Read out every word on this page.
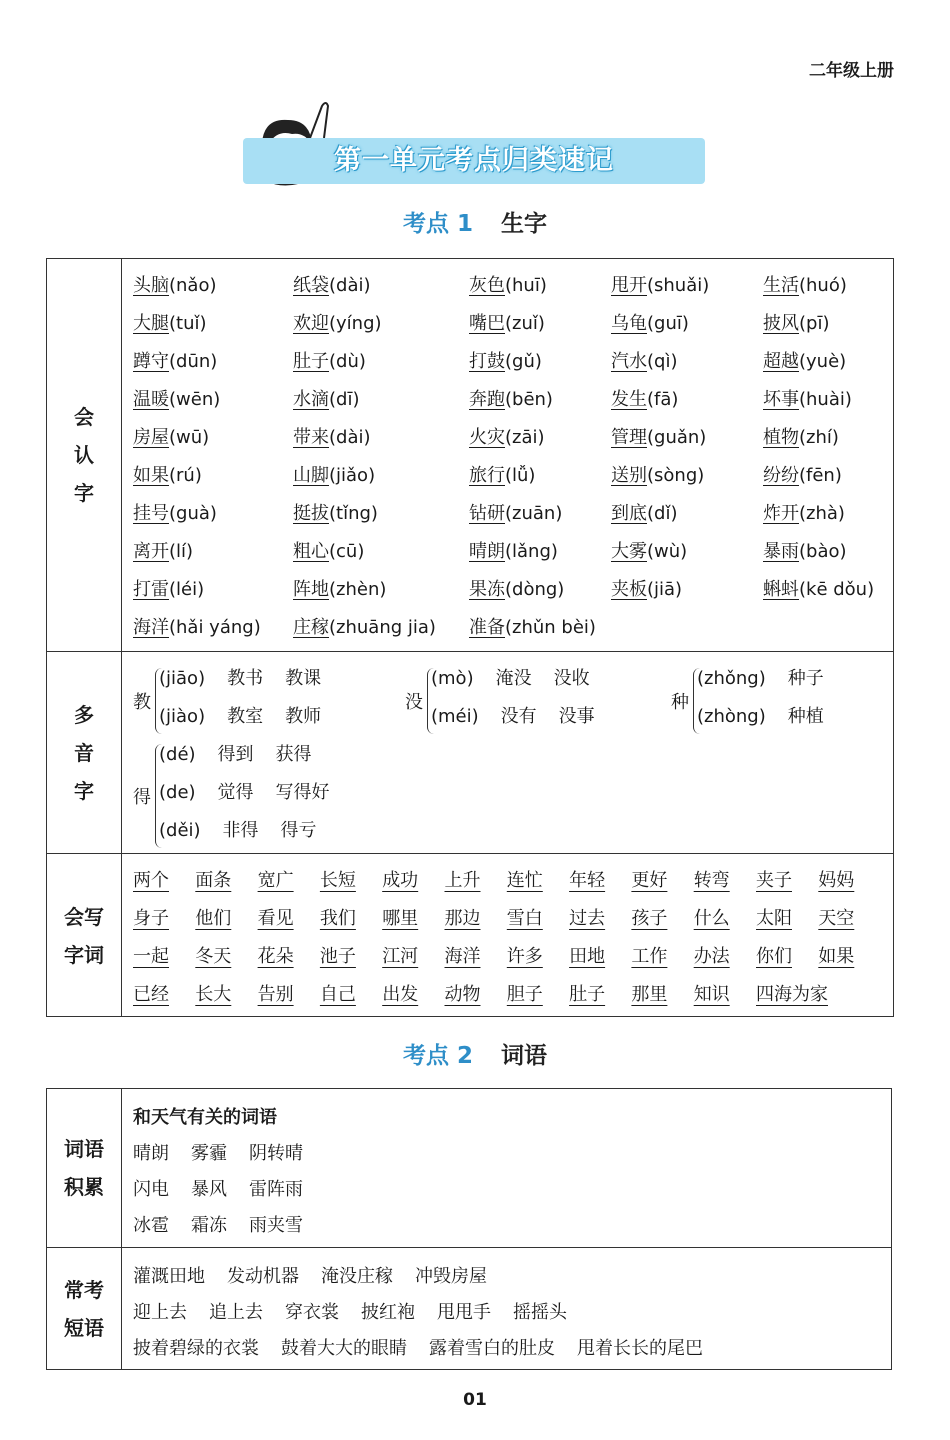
二年级上册
第一单元考点归类速记
考点 1 生字
会
认
字
头脑(nǎo)	纸袋(dài)	灰色(huī)	甩开(shuǎi)	生活(huó)
大腿(tuǐ)	欢迎(yíng)	嘴巴(zuǐ)	乌龟(guī)	披风(pī)
蹲守(dūn)	肚子(dù)	打鼓(gǔ)	汽水(qì)	超越(yuè)
温暖(wēn)	水滴(dī)	奔跑(bēn)	发生(fā)	坏事(huài)
房屋(wū)	带来(dài)	火灾(zāi)	管理(guǎn)	植物(zhí)
如果(rú)	山脚(jiǎo)	旅行(lǚ)	送别(sòng)	纷纷(fēn)
挂号(guà)	挺拔(tǐng)	钻研(zuān)	到底(dǐ)	炸开(zhà)
离开(lí)	粗心(cū)	晴朗(lǎng)	大雾(wù)	暴雨(bào)
打雷(léi)	阵地(zhèn)	果冻(dòng)	夹板(jiā)	蝌蚪(kē dǒu)
海洋(hǎi yáng) 庄稼(zhuāng jia) 准备(zhǔn bèi)
多
音
字
教
(jiāo) 教书 教课
(jiào) 教室 教师
没
(mò) 淹没 没收
(méi) 没有 没事
种
(zhǒng) 种子
(zhòng) 种植
得
(dé) 得到 获得
(de) 觉得 写得好
(děi) 非得 得亏
会写
字词
两个 面条 宽广 长短 成功 上升 连忙 年轻 更好 转弯 夹子 妈妈
身子 他们 看见 我们 哪里 那边 雪白 过去 孩子 什么 太阳 天空
一起 冬天 花朵 池子 江河 海洋 许多 田地 工作 办法 你们 如果
已经 长大 告别 自己 出发 动物 胆子 肚子 那里 知识 四海为家
考点 2 词语
词语
积累
和天气有关的词语
晴朗 雾霾 阴转晴
闪电 暴风 雷阵雨
冰雹 霜冻 雨夹雪
常考
短语
灌溉田地 发动机器 淹没庄稼 冲毁房屋
迎上去 追上去 穿衣裳 披红袍 甩甩手 摇摇头
披着碧绿的衣裳 鼓着大大的眼睛 露着雪白的肚皮 甩着长长的尾巴
01
